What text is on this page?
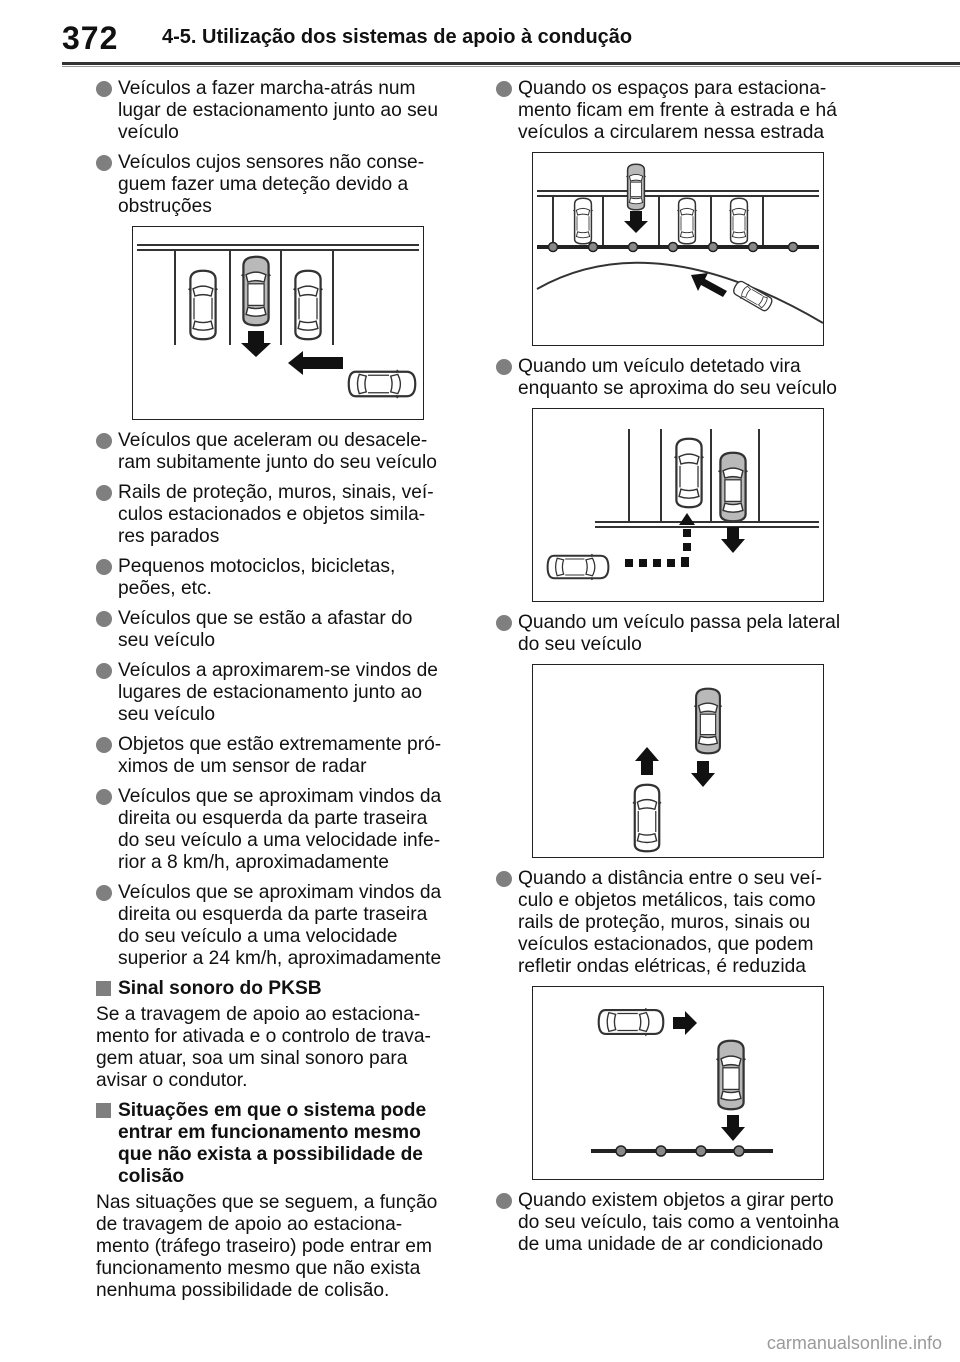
372 4-5. Utilização dos sistemas de apoio à condução
Veículos a fazer marcha-atrás num
lugar de estacionamento junto ao seu
veículo
Veículos cujos sensores não conse-
guem fazer uma deteção devido a
obstruções
Veículos que aceleram ou desacele-
ram subitamente junto do seu veículo
Rails de proteção, muros, sinais, veí-
culos estacionados e objetos simila-
res parados
Pequenos motociclos, bicicletas,
peões, etc.
Veículos que se estão a afastar do
seu veículo
Veículos a aproximarem-se vindos de
lugares de estacionamento junto ao
seu veículo
Objetos que estão extremamente pró-
ximos de um sensor de radar
Veículos que se aproximam vindos da
direita ou esquerda da parte traseira
do seu veículo a uma velocidade infe-
rior a 8 km/h, aproximadamente
Veículos que se aproximam vindos da
direita ou esquerda da parte traseira
do seu veículo a uma velocidade
superior a 24 km/h, aproximadamente
Sinal sonoro do PKSB
Se a travagem de apoio ao estaciona-
mento for ativada e o controlo de trava-
gem atuar, soa um sinal sonoro para
avisar o condutor.
Situações em que o sistema pode
entrar em funcionamento mesmo
que não exista a possibilidade de
colisão
Nas situações que se seguem, a função
de travagem de apoio ao estaciona-
mento (tráfego traseiro) pode entrar em
funcionamento mesmo que não exista
nenhuma possibilidade de colisão.
Quando os espaços para estaciona-
mento ficam em frente à estrada e há
veículos a circularem nessa estrada
Quando um veículo detetado vira
enquanto se aproxima do seu veículo
Quando um veículo passa pela lateral
do seu veículo
Quando a distância entre o seu veí-
culo e objetos metálicos, tais como
rails de proteção, muros, sinais ou
veículos estacionados, que podem
refletir ondas elétricas, é reduzida
Quando existem objetos a girar perto
do seu veículo, tais como a ventoinha
de uma unidade de ar condicionado
carmanualsonline.info
